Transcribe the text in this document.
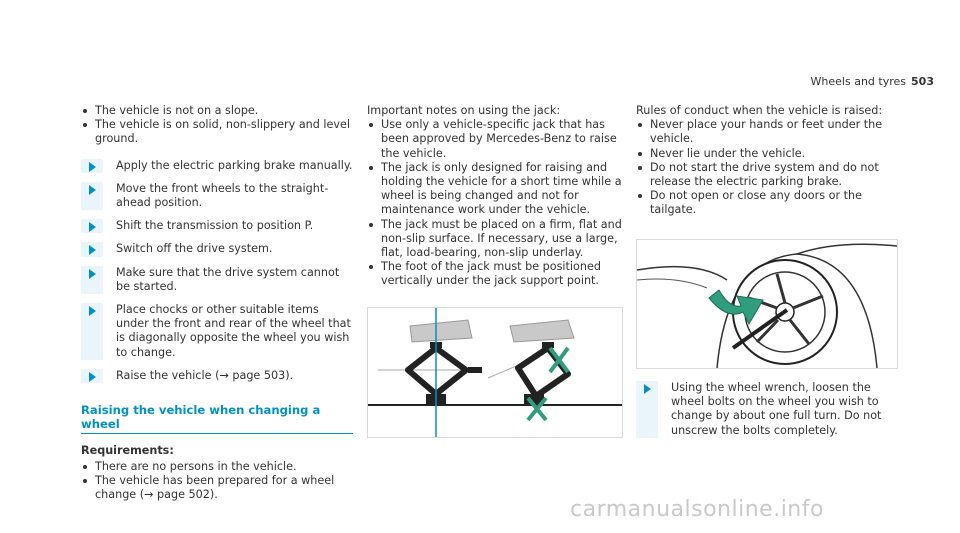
Wheels and tyres 503
The vehicle is not on a slope.
The vehicle is on solid, non-slippery and level ground.
Apply the electric parking brake manually.
Move the front wheels to the straight-ahead position.
Shift the transmission to position P.
Switch off the drive system.
Make sure that the drive system cannot be started.
Place chocks or other suitable items under the front and rear of the wheel that is diagonally opposite the wheel you wish to change.
Raise the vehicle (→ page 503).
Raising the vehicle when changing a wheel
Requirements:
There are no persons in the vehicle.
The vehicle has been prepared for a wheel change (→ page 502).
Important notes on using the jack:
Use only a vehicle-specific jack that has been approved by Mercedes-Benz to raise the vehicle.
The jack is only designed for raising and holding the vehicle for a short time while a wheel is being changed and not for maintenance work under the vehicle.
The jack must be placed on a firm, flat and non-slip surface. If necessary, use a large, flat, load-bearing, non-slip underlay.
The foot of the jack must be positioned vertically under the jack support point.
Rules of conduct when the vehicle is raised:
Never place your hands or feet under the vehicle.
Never lie under the vehicle.
Do not start the drive system and do not release the electric parking brake.
Do not open or close any doors or the tailgate.
Using the wheel wrench, loosen the wheel bolts on the wheel you wish to change by about one full turn. Do not unscrew the bolts completely.
carmanualsonline.info
